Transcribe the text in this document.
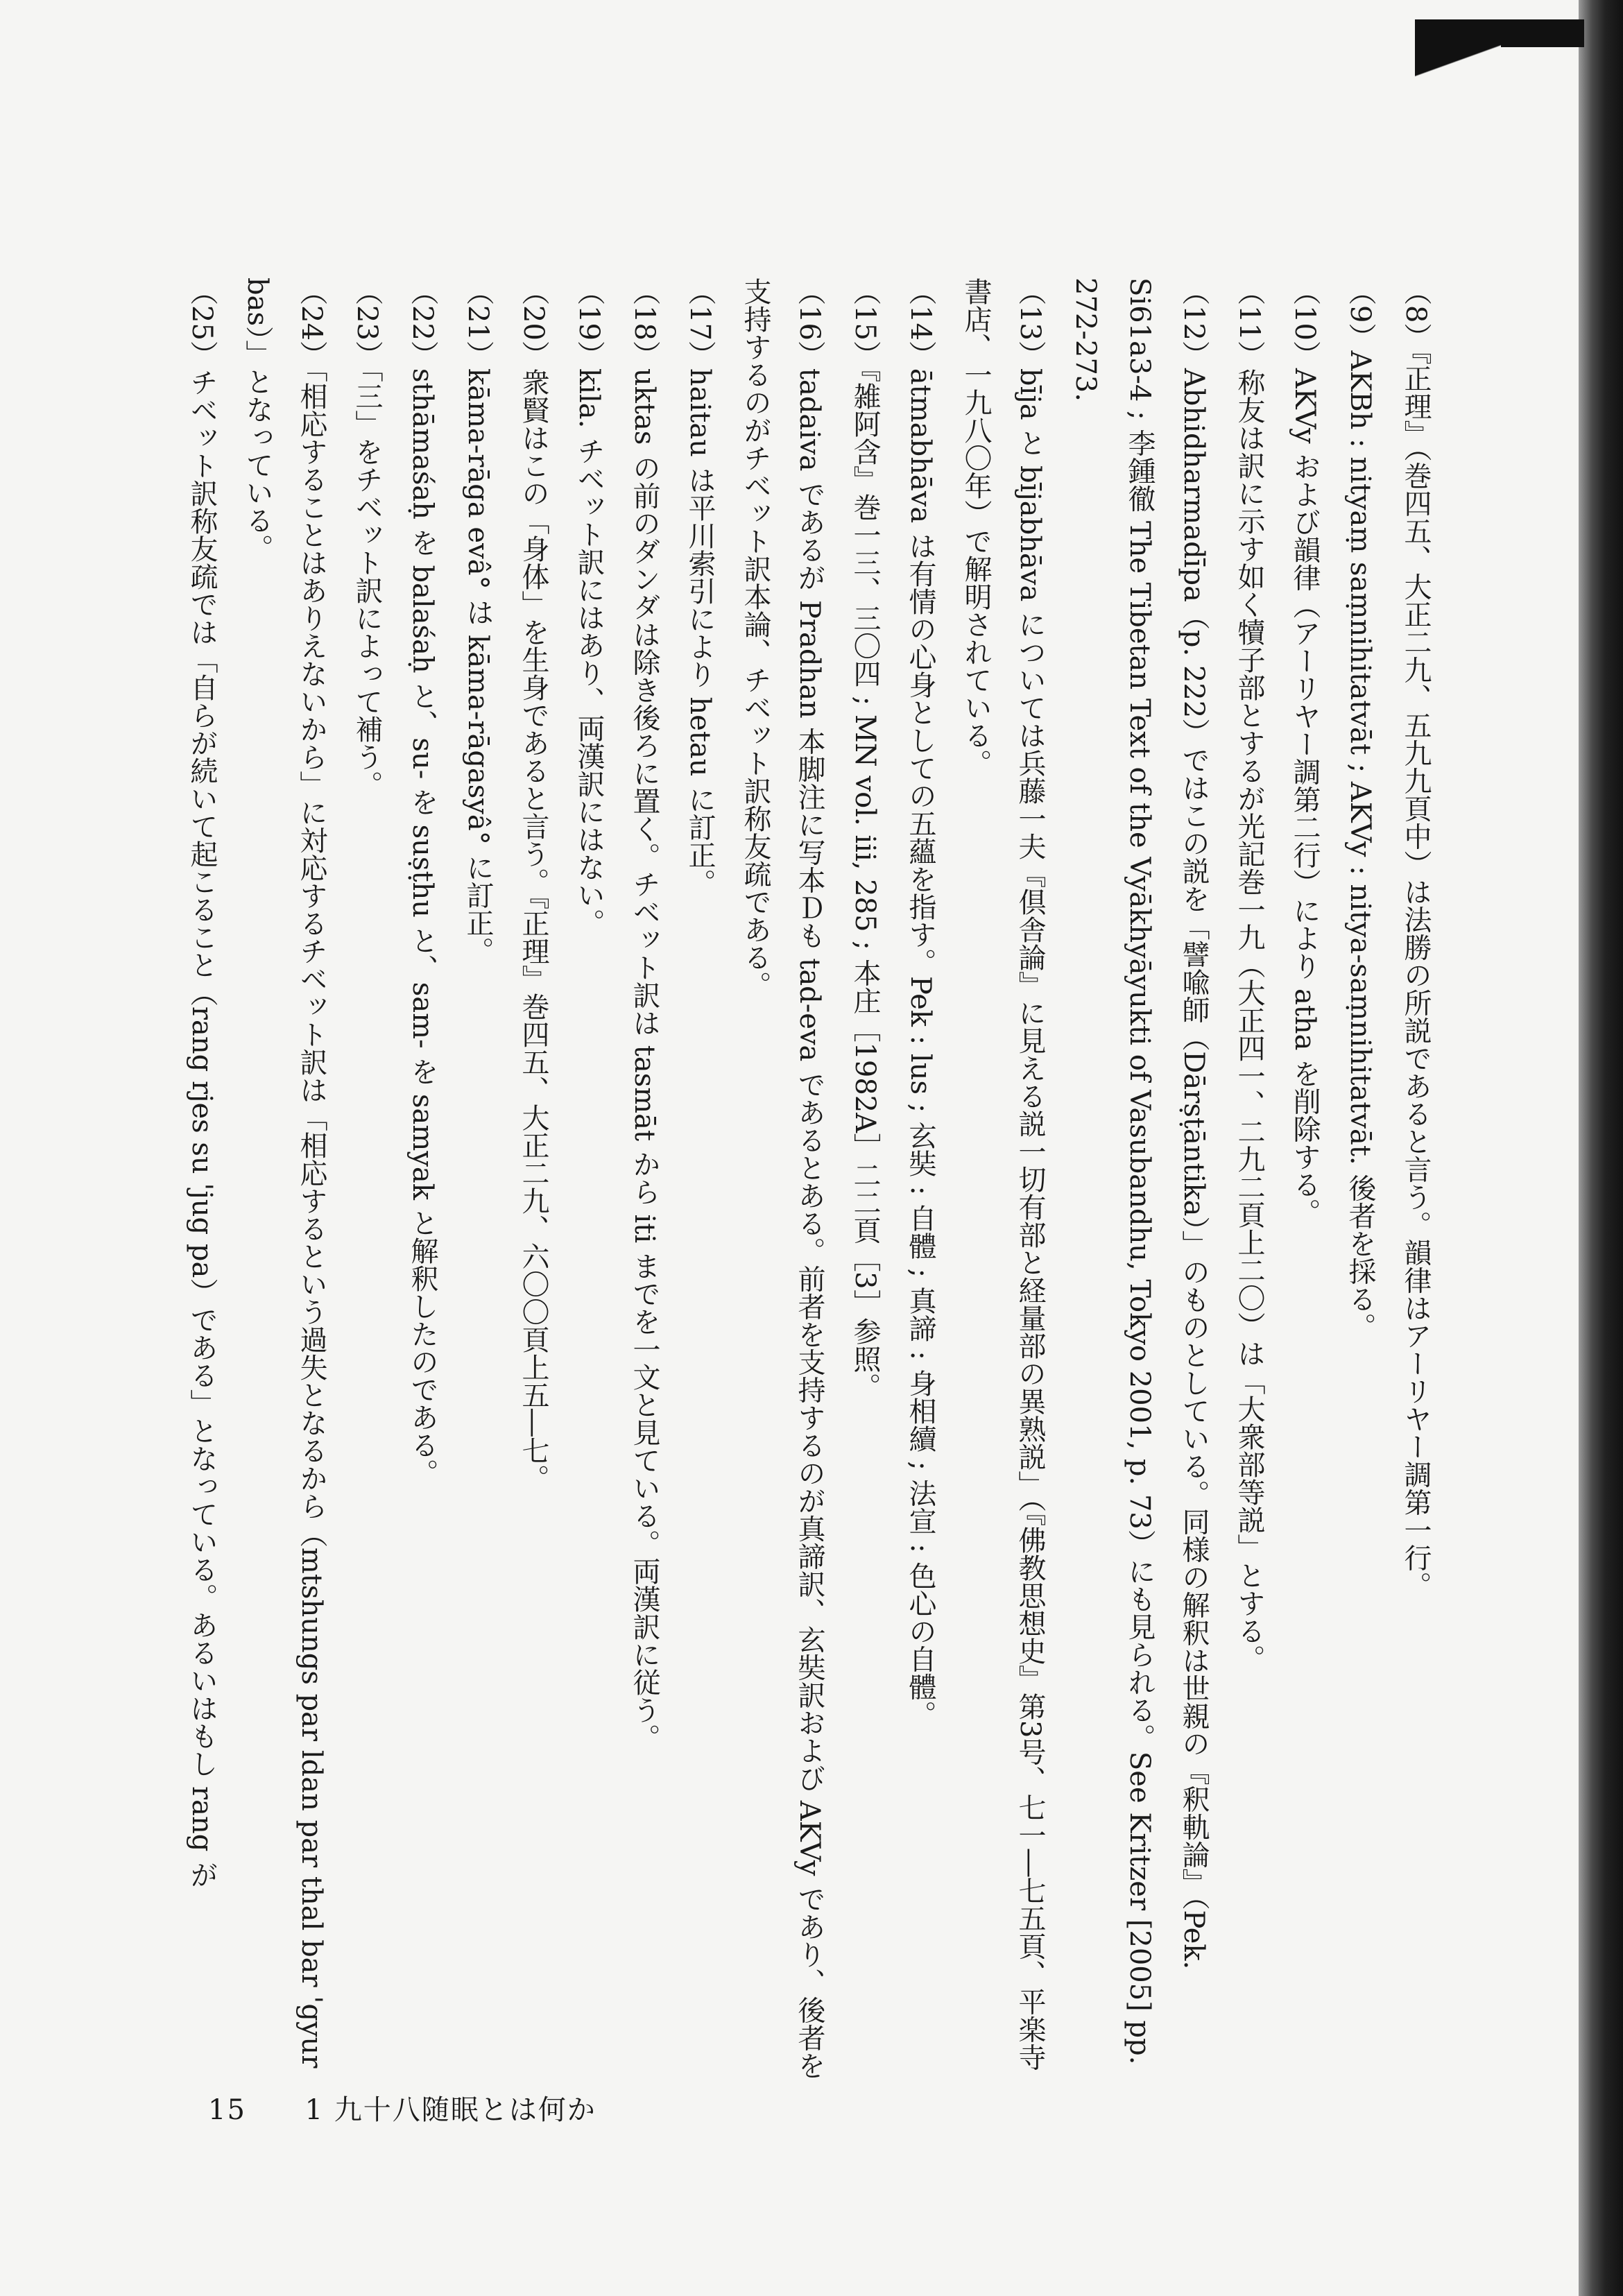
（8）『正理』（巻四五、大正二九、五九九頁中）は法勝の所説であると言う。韻律はアーリヤー調第一行。

（9）AKBh : nityaṃ saṃnihitatvāt ; AKVy : nitya-saṃnihitatvāt. 後者を採る。

（10）AKVy および韻律（アーリヤー調第二行）により atha を削除する。

（11）称友は訳に示す如く犢子部とするが光記巻一九（大正四一、二九二頁上二〇）は「大衆部等説」とする。

（12）Abhidharmadīpa（p. 222）ではこの説を「譬喩師（Dārṣṭāntika）」のものとしている。同様の解釈は世親の『釈軌論』（Pek. Si61a3-4 ; 李鍾徹 The Tibetan Text of the Vyākhyāyukti of Vasubandhu, Tokyo 2001, p. 73）にも見られる。See Kritzer [2005] pp. 272-273.

（13）bīja と bījabhāva については兵藤一夫『倶舎論』に見える説一切有部と経量部の異熟説」（『佛教思想史』第3号、七一―七五頁、平楽寺書店、一九八〇年）で解明されている。

（14）ātmabhāva は有情の心身としての五蘊を指す。Pek : lus ; 玄奘 : 自體 ; 真諦 : 身相續 ; 法宣 : 色心の自體。

（15）『雑阿含』巻一三、三〇四 ; MN vol. iii, 285 ; 本庄［1982A］二二頁［3］参照。

（16）tadaiva であるが Pradhan 本脚注に写本Ｄも tad-eva であるとある。前者を支持するのが真諦訳、玄奘訳および AKVy であり、後者を支持するのがチベット訳本論、チベット訳称友疏である。

（17）haitau は平川索引により hetau に訂正。

（18）uktas の前のダンダは除き後ろに置く。チベット訳は tasmāt から iti までを一文と見ている。両漢訳に従う。

（19）kila. チベット訳にはあり、両漢訳にはない。

（20）衆賢はこの「身体」を生身であると言う。『正理』巻四五、大正二九、六〇〇頁上五―七。

（21）kāma-rāga evâ° は kāma-rāgasyâ° に訂正。

（22）sthāmaśaḥ を balaśaḥ と、su- を suṣṭhu と、sam- を samyak と解釈したのである。

（23）「三」をチベット訳によって補う。

（24）「相応することはありえないから」に対応するチベット訳は「相応するという過失となるから（mtshungs par ldan par thal bar 'gyur bas）」となっている。

（25）チベット訳称友疏では「自らが続いて起こること（rang rjes su 'jug pa）である」となっている。あるいはもし rang が

15 1 九十八随眠とは何か
